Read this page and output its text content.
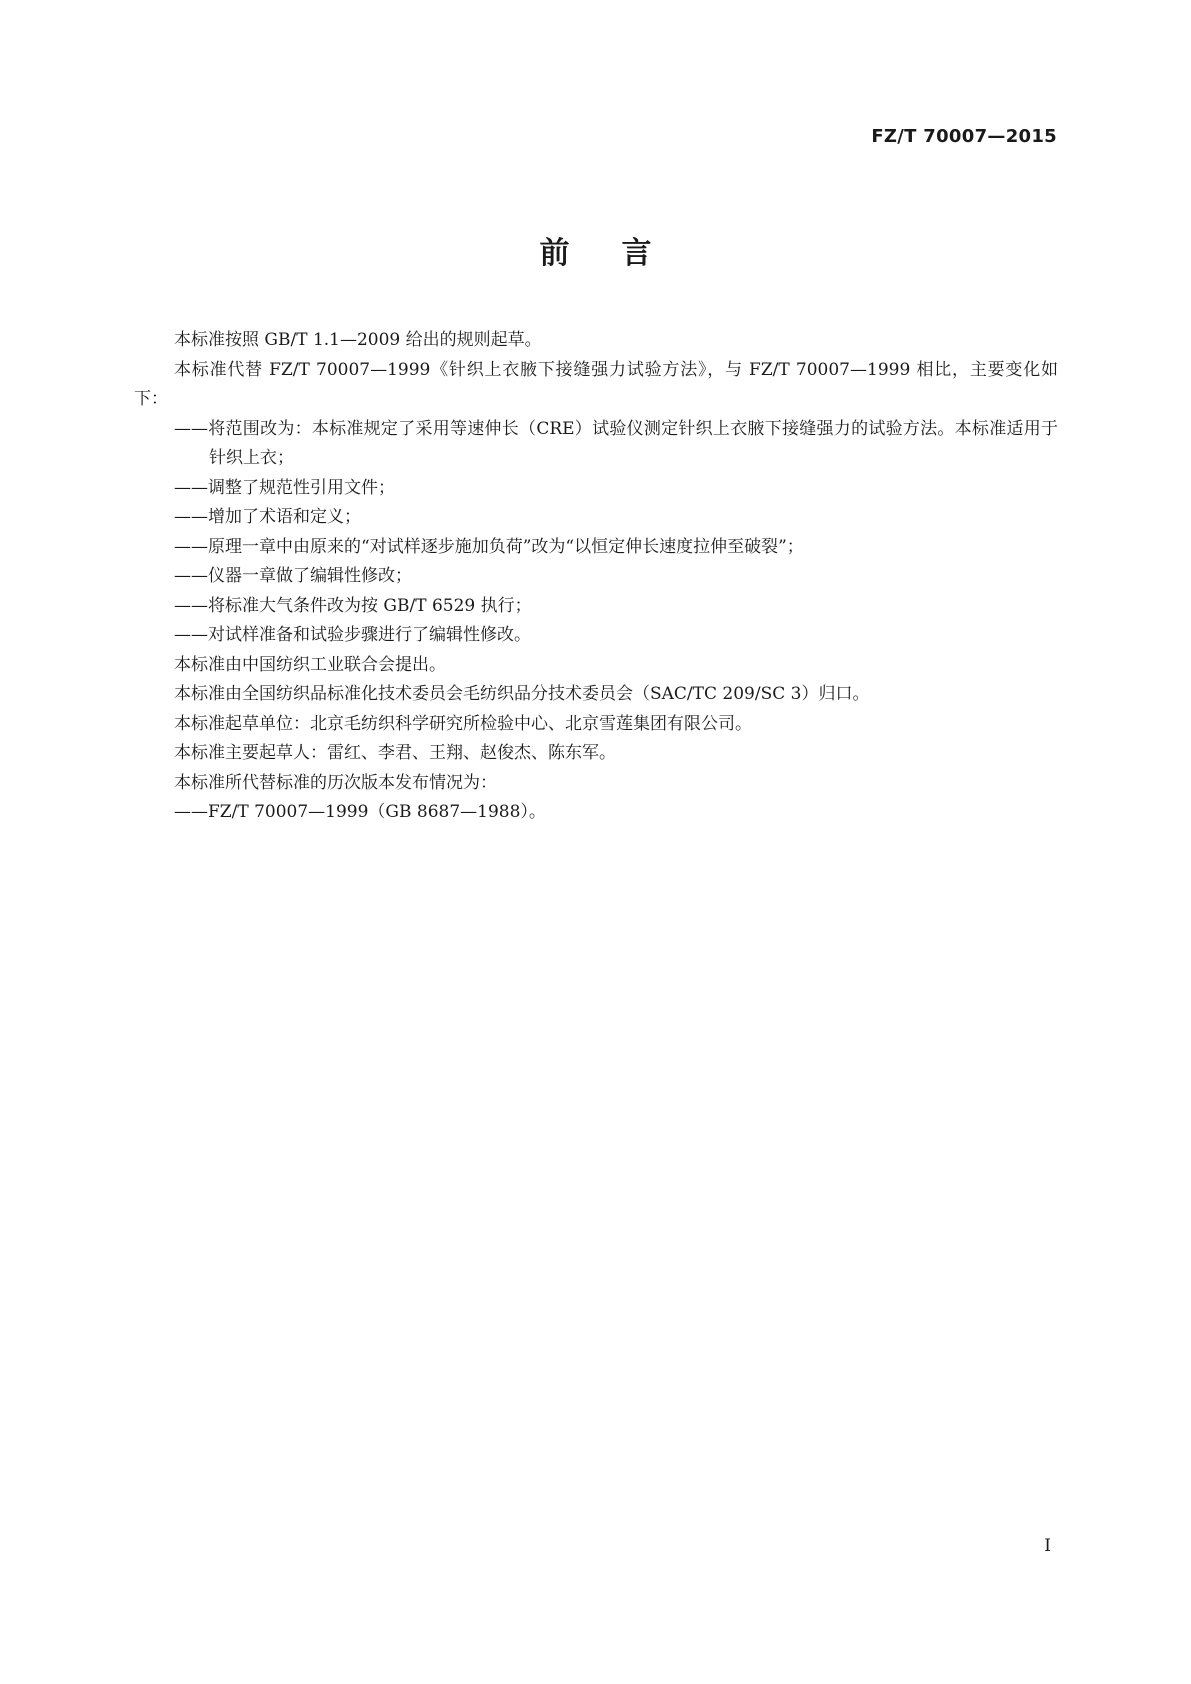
FZ/T 70007—2015
前言

本标准按照 GB/T 1.1—2009 给出的规则起草。

本标准代替 FZ/T 70007—1999《针织上衣腋下接缝强力试验方法》，与 FZ/T 70007—1999 相比，主要变化如下：

——将范围改为：本标准规定了采用等速伸长（CRE）试验仪测定针织上衣腋下接缝强力的试验方法。本标准适用于针织上衣；

——调整了规范性引用文件；

——增加了术语和定义；

——原理一章中由原来的“对试样逐步施加负荷”改为“以恒定伸长速度拉伸至破裂”；

——仪器一章做了编辑性修改；

——将标准大气条件改为按 GB/T 6529 执行；

——对试样准备和试验步骤进行了编辑性修改。

本标准由中国纺织工业联合会提出。

本标准由全国纺织品标准化技术委员会毛纺织品分技术委员会（SAC/TC 209/SC 3）归口。

本标准起草单位：北京毛纺织科学研究所检验中心、北京雪莲集团有限公司。

本标准主要起草人：雷红、李君、王翔、赵俊杰、陈东军。

本标准所代替标准的历次版本发布情况为：

——FZ/T 70007—1999（GB 8687—1988）。

I
